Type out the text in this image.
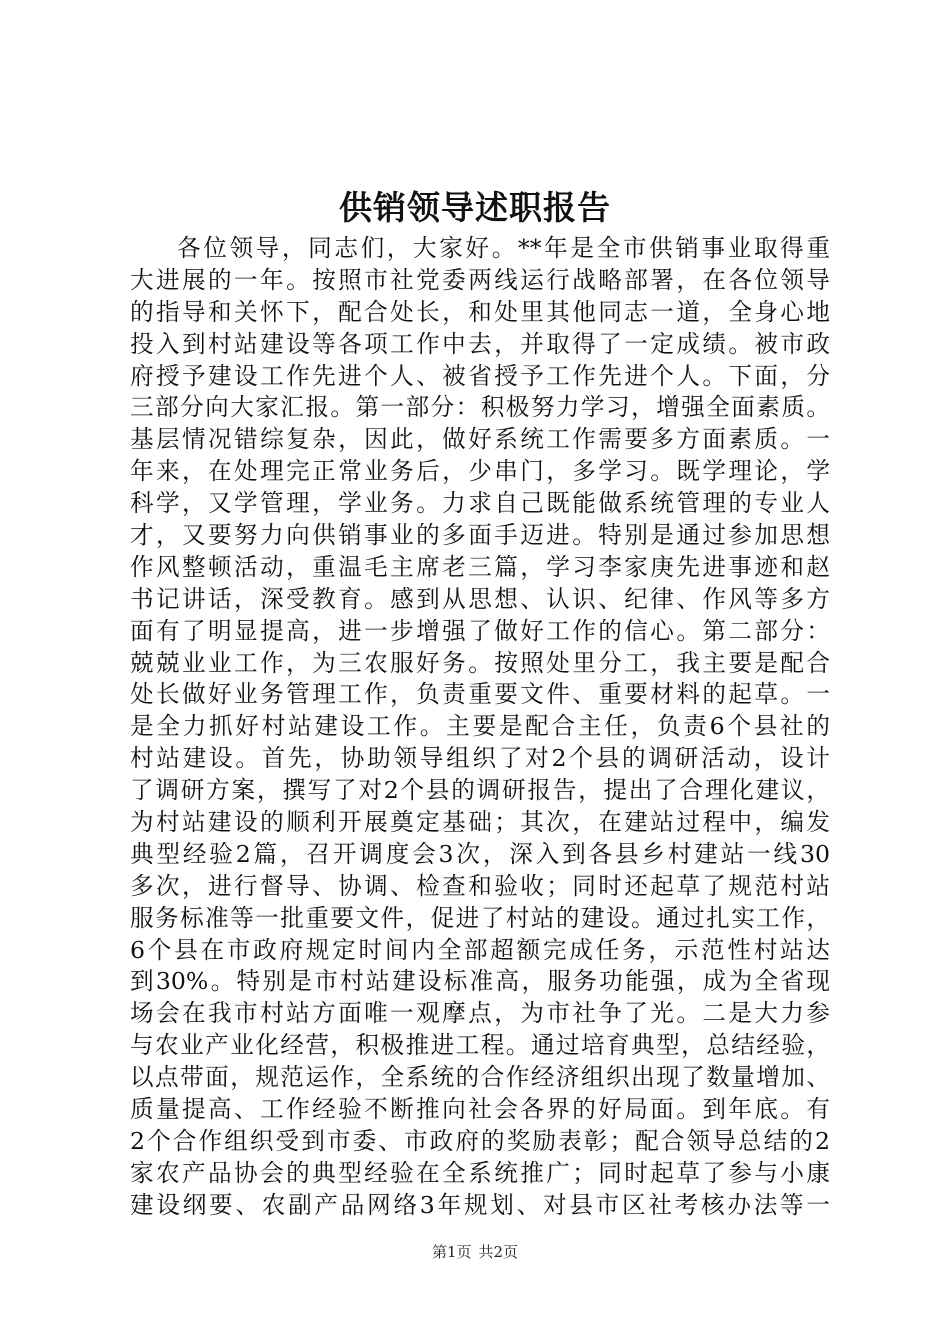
供销领导述职报告
各位领导，同志们，大家好。**年是全市供销事业取得重
大进展的一年。按照市社党委两线运行战略部署，在各位领导
的指导和关怀下，配合处长，和处里其他同志一道，全身心地
投入到村站建设等各项工作中去，并取得了一定成绩。被市政
府授予建设工作先进个人、被省授予工作先进个人。下面，分
三部分向大家汇报。第一部分：积极努力学习，增强全面素质。
基层情况错综复杂，因此，做好系统工作需要多方面素质。一
年来，在处理完正常业务后，少串门，多学习。既学理论，学
科学，又学管理，学业务。力求自己既能做系统管理的专业人
才，又要努力向供销事业的多面手迈进。特别是通过参加思想
作风整顿活动，重温毛主席老三篇，学习李家庚先进事迹和赵
书记讲话，深受教育。感到从思想、认识、纪律、作风等多方
面有了明显提高，进一步增强了做好工作的信心。第二部分：
兢兢业业工作，为三农服好务。按照处里分工，我主要是配合
处长做好业务管理工作，负责重要文件、重要材料的起草。一
是全力抓好村站建设工作。主要是配合主任，负责6个县社的
村站建设。首先，协助领导组织了对2个县的调研活动，设计
了调研方案，撰写了对2个县的调研报告，提出了合理化建议，
为村站建设的顺利开展奠定基础；其次，在建站过程中，编发
典型经验2篇，召开调度会3次，深入到各县乡村建站一线30
多次，进行督导、协调、检查和验收；同时还起草了规范村站
服务标准等一批重要文件，促进了村站的建设。通过扎实工作，
6个县在市政府规定时间内全部超额完成任务，示范性村站达
到30%。特别是市村站建设标准高，服务功能强，成为全省现
场会在我市村站方面唯一观摩点，为市社争了光。二是大力参
与农业产业化经营，积极推进工程。通过培育典型，总结经验，
以点带面，规范运作，全系统的合作经济组织出现了数量增加、
质量提高、工作经验不断推向社会各界的好局面。到年底。有
2个合作组织受到市委、市政府的奖励表彰；配合领导总结的2
家农产品协会的典型经验在全系统推广；同时起草了参与小康
建设纲要、农副产品网络3年规划、对县市区社考核办法等一
第1页 共2页
